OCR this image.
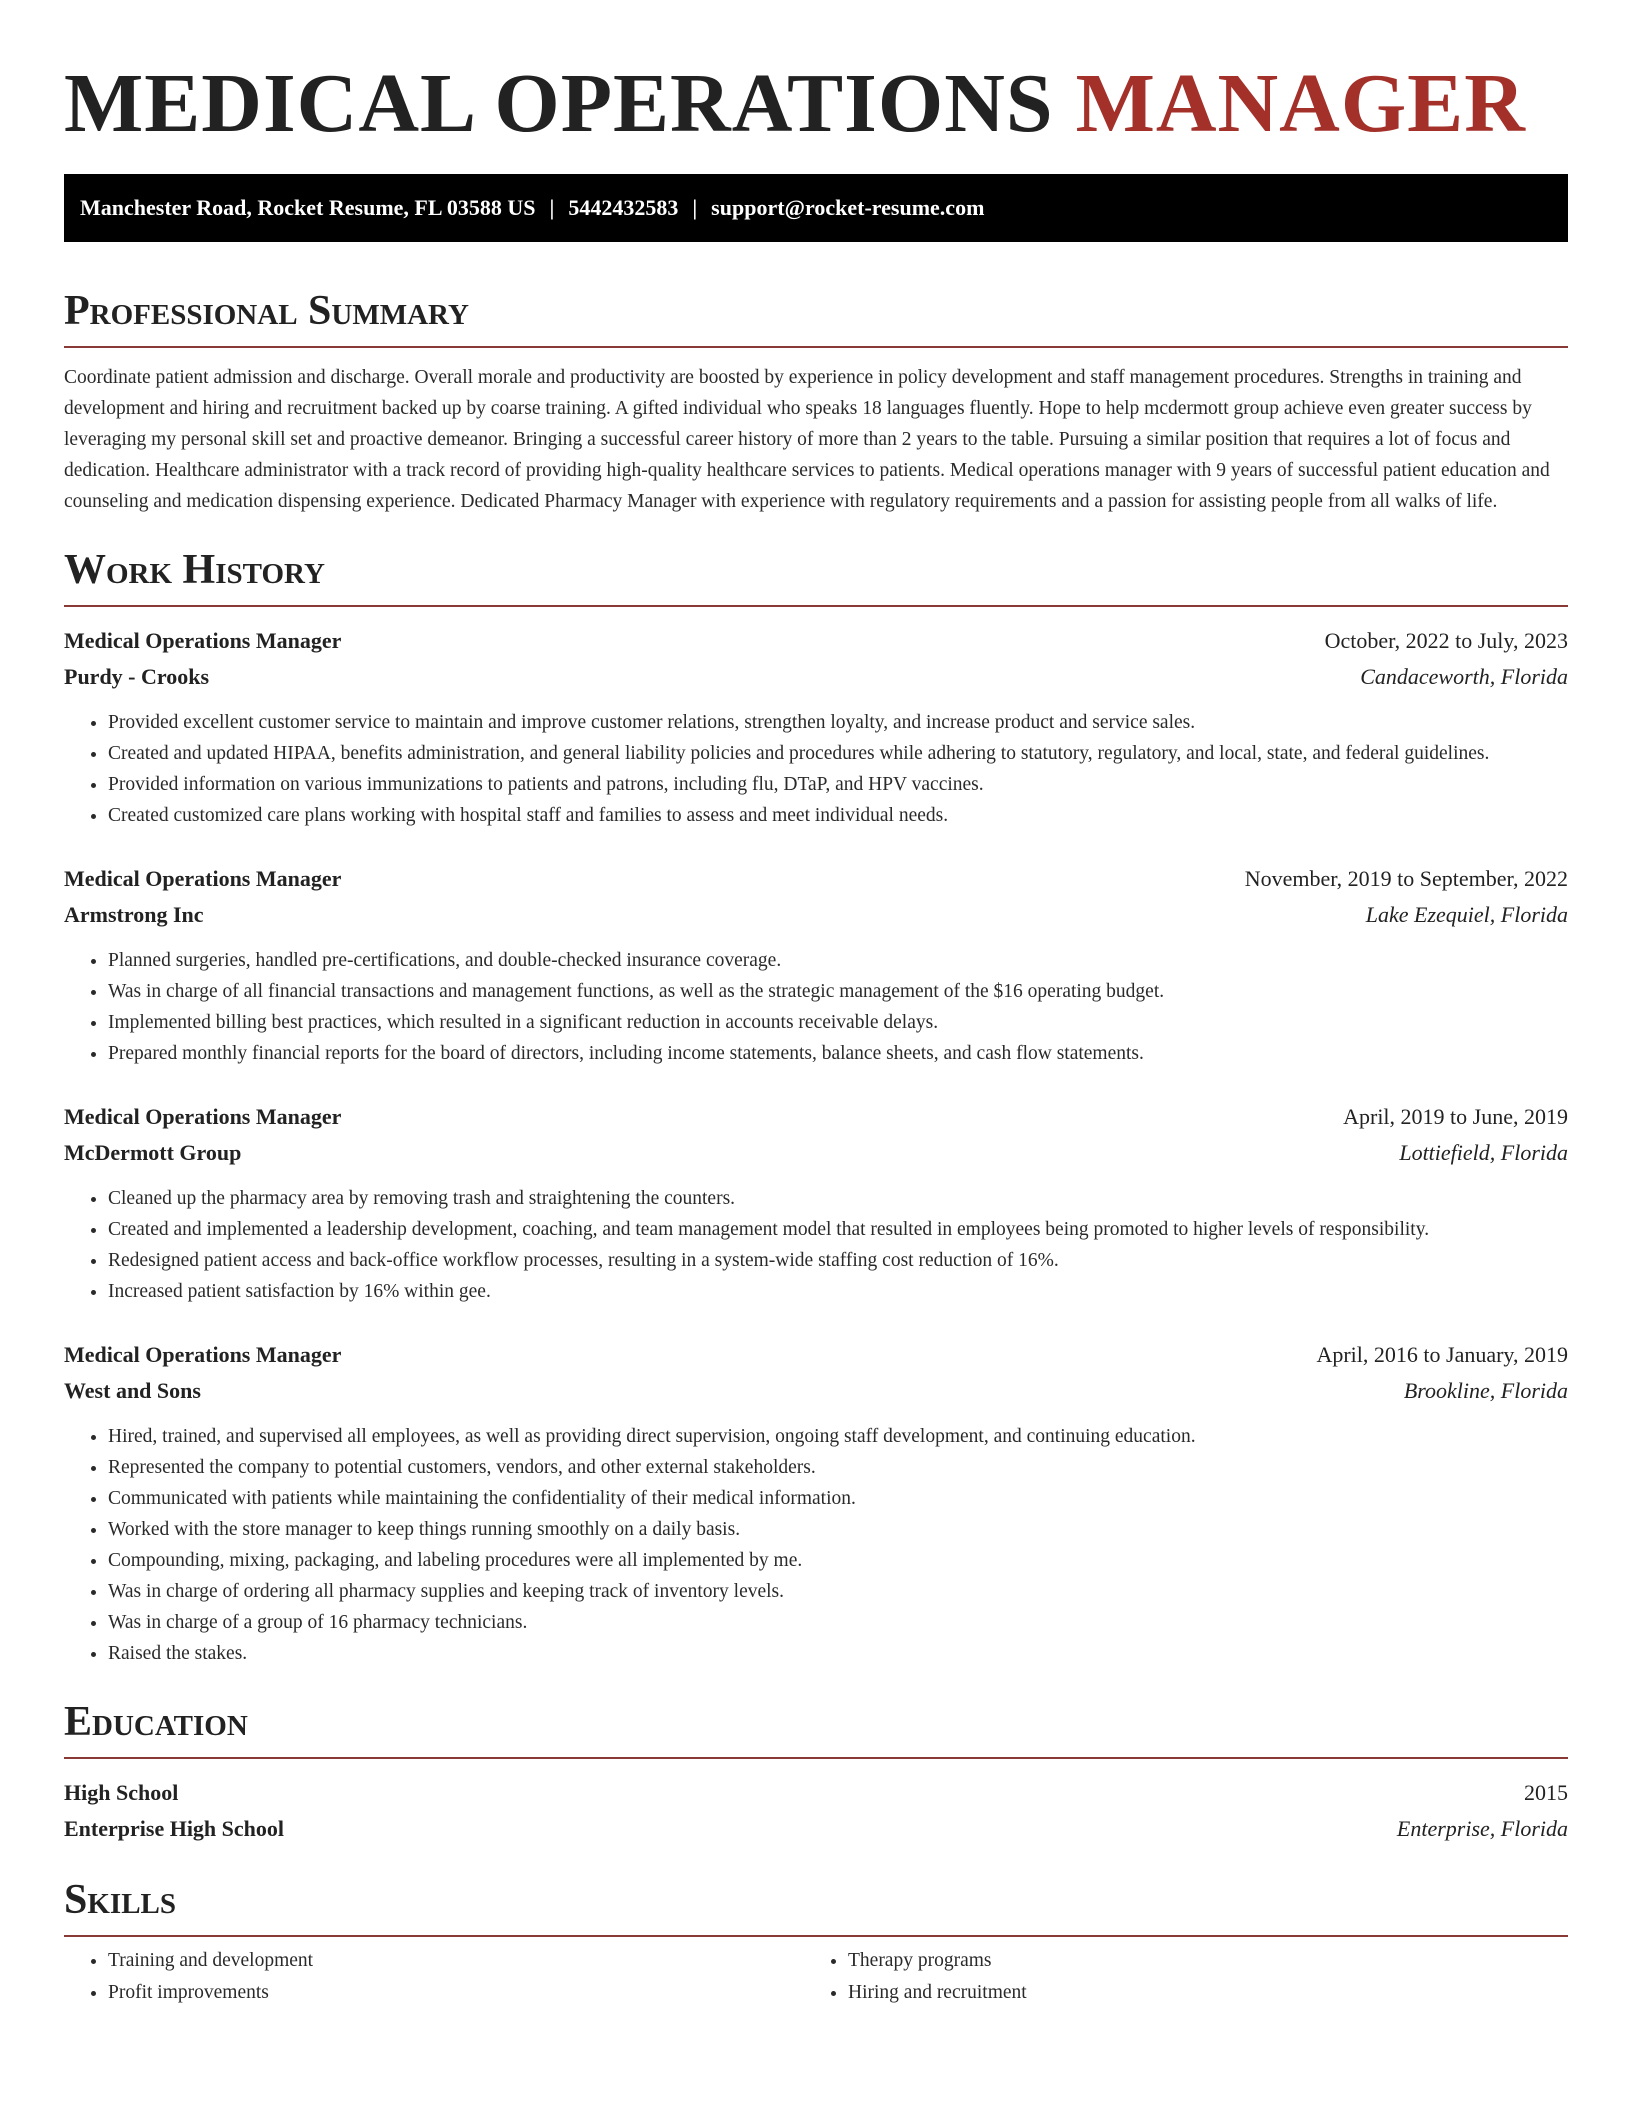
MEDICAL OPERATIONS MANAGER
Manchester Road, Rocket Resume, FL 03588 US | 5442432583 | support@rocket-resume.com
Professional Summary
Coordinate patient admission and discharge. Overall morale and productivity are boosted by experience in policy development and staff management procedures. Strengths in training and development and hiring and recruitment backed up by coarse training. A gifted individual who speaks 18 languages fluently. Hope to help mcdermott group achieve even greater success by leveraging my personal skill set and proactive demeanor. Bringing a successful career history of more than 2 years to the table. Pursuing a similar position that requires a lot of focus and dedication. Healthcare administrator with a track record of providing high-quality healthcare services to patients. Medical operations manager with 9 years of successful patient education and counseling and medication dispensing experience. Dedicated Pharmacy Manager with experience with regulatory requirements and a passion for assisting people from all walks of life.
Work History
Medical Operations Manager	October, 2022 to July, 2023
Purdy - Crooks	Candaceworth, Florida
• Provided excellent customer service to maintain and improve customer relations, strengthen loyalty, and increase product and service sales.
• Created and updated HIPAA, benefits administration, and general liability policies and procedures while adhering to statutory, regulatory, and local, state, and federal guidelines.
• Provided information on various immunizations to patients and patrons, including flu, DTaP, and HPV vaccines.
• Created customized care plans working with hospital staff and families to assess and meet individual needs.
Medical Operations Manager	November, 2019 to September, 2022
Armstrong Inc	Lake Ezequiel, Florida
• Planned surgeries, handled pre-certifications, and double-checked insurance coverage.
• Was in charge of all financial transactions and management functions, as well as the strategic management of the $16 operating budget.
• Implemented billing best practices, which resulted in a significant reduction in accounts receivable delays.
• Prepared monthly financial reports for the board of directors, including income statements, balance sheets, and cash flow statements.
Medical Operations Manager	April, 2019 to June, 2019
McDermott Group	Lottiefield, Florida
• Cleaned up the pharmacy area by removing trash and straightening the counters.
• Created and implemented a leadership development, coaching, and team management model that resulted in employees being promoted to higher levels of responsibility.
• Redesigned patient access and back-office workflow processes, resulting in a system-wide staffing cost reduction of 16%.
• Increased patient satisfaction by 16% within gee.
Medical Operations Manager	April, 2016 to January, 2019
West and Sons	Brookline, Florida
• Hired, trained, and supervised all employees, as well as providing direct supervision, ongoing staff development, and continuing education.
• Represented the company to potential customers, vendors, and other external stakeholders.
• Communicated with patients while maintaining the confidentiality of their medical information.
• Worked with the store manager to keep things running smoothly on a daily basis.
• Compounding, mixing, packaging, and labeling procedures were all implemented by me.
• Was in charge of ordering all pharmacy supplies and keeping track of inventory levels.
• Was in charge of a group of 16 pharmacy technicians.
• Raised the stakes.
Education
High School	2015
Enterprise High School	Enterprise, Florida
Skills
• Training and development
• Profit improvements
• Therapy programs
• Hiring and recruitment
